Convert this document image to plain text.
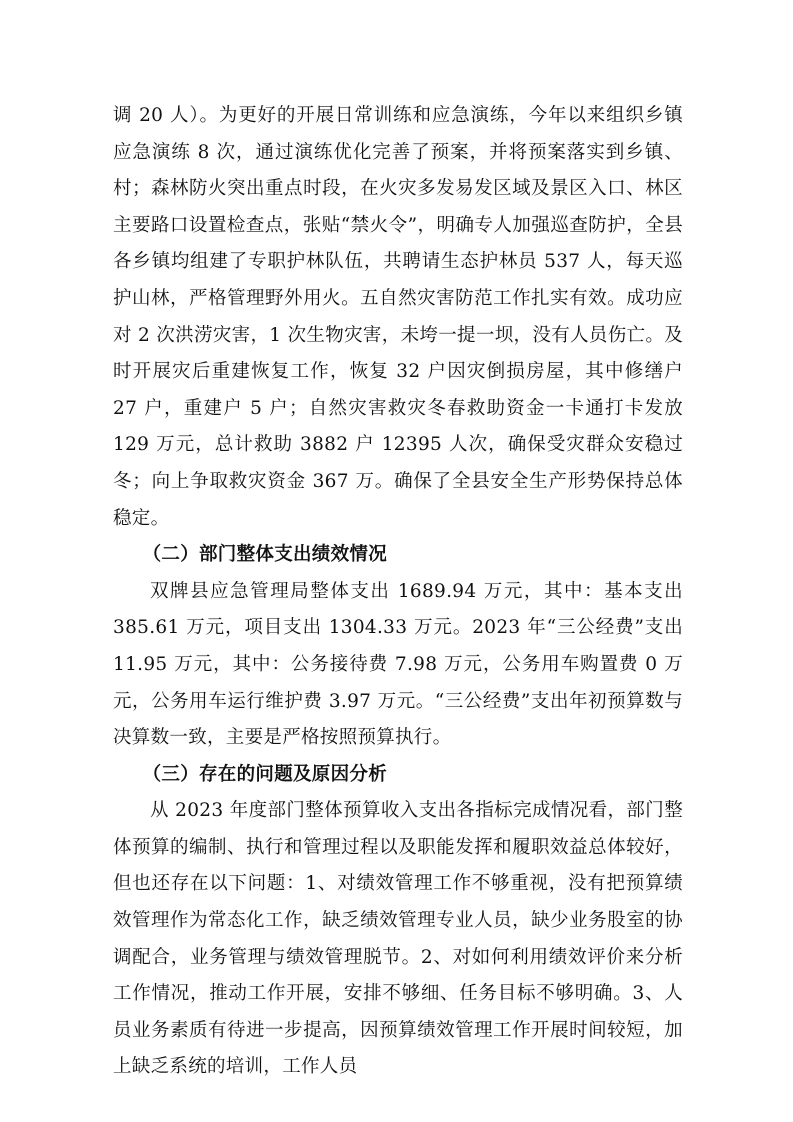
调 20 人）。为更好的开展日常训练和应急演练，今年以来组织乡镇应急演练 8 次，通过演练优化完善了预案，并将预案落实到乡镇、村；森林防火突出重点时段，在火灾多发易发区域及景区入口、林区主要路口设置检查点，张贴“禁火令”，明确专人加强巡查防护，全县各乡镇均组建了专职护林队伍，共聘请生态护林员 537 人，每天巡护山林，严格管理野外用火。五自然灾害防范工作扎实有效。成功应对 2 次洪涝灾害，1 次生物灾害，未垮一提一坝，没有人员伤亡。及时开展灾后重建恢复工作，恢复 32 户因灾倒损房屋，其中修缮户 27 户，重建户 5 户；自然灾害救灾冬春救助资金一卡通打卡发放 129 万元，总计救助 3882 户 12395 人次，确保受灾群众安稳过冬；向上争取救灾资金 367 万。确保了全县安全生产形势保持总体稳定。

（二）部门整体支出绩效情况

双牌县应急管理局整体支出 1689.94 万元，其中：基本支出 385.61 万元，项目支出 1304.33 万元。2023 年“三公经费”支出 11.95 万元，其中：公务接待费 7.98 万元，公务用车购置费 0 万元，公务用车运行维护费 3.97 万元。“三公经费”支出年初预算数与决算数一致，主要是严格按照预算执行。

（三）存在的问题及原因分析

从 2023 年度部门整体预算收入支出各指标完成情况看，部门整体预算的编制、执行和管理过程以及职能发挥和履职效益总体较好，但也还存在以下问题：1、对绩效管理工作不够重视，没有把预算绩效管理作为常态化工作，缺乏绩效管理专业人员，缺少业务股室的协调配合，业务管理与绩效管理脱节。2、对如何利用绩效评价来分析工作情况，推动工作开展，安排不够细、任务目标不够明确。3、人员业务素质有待进一步提高，因预算绩效管理工作开展时间较短，加上缺乏系统的培训，工作人员
